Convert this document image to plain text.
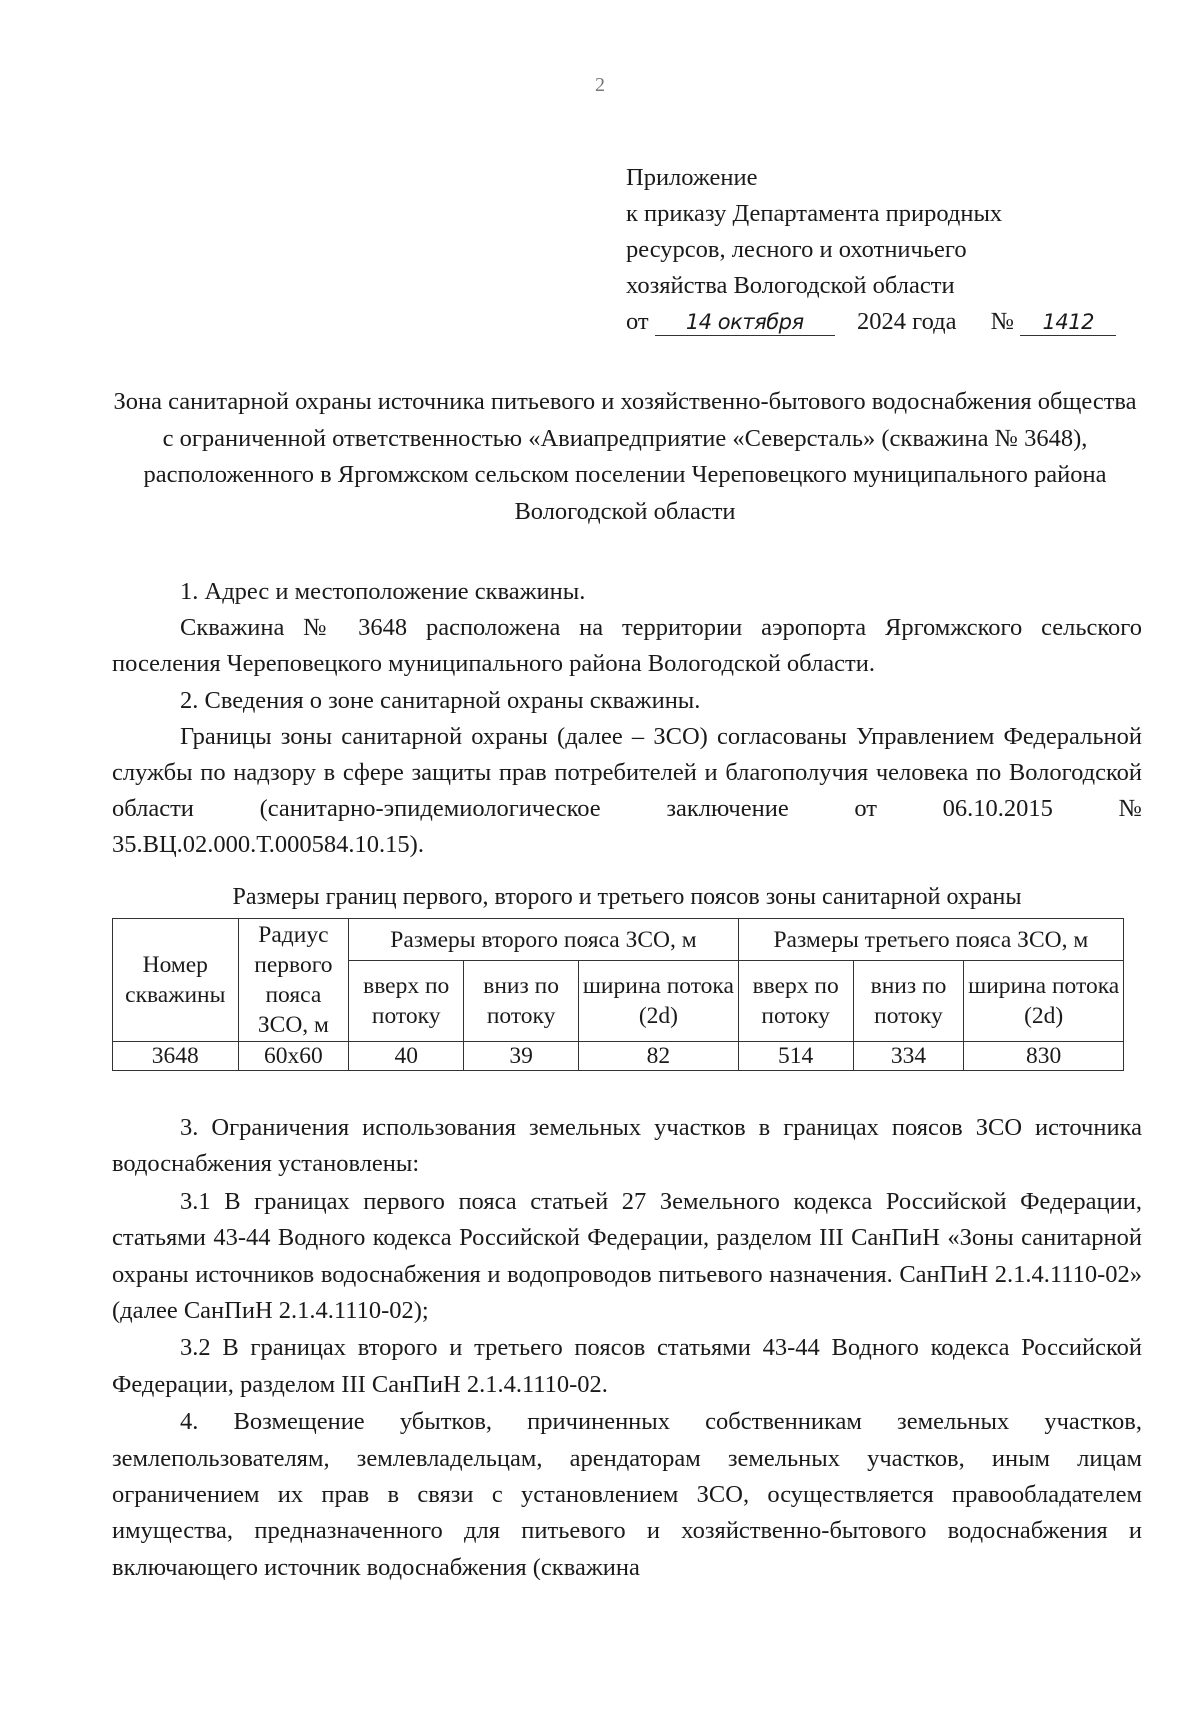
2
Приложение
к приказу Департамента природных
ресурсов, лесного и охотничьего
хозяйства Вологодской области
от 14 октября 2024 года № 1412
Зона санитарной охраны источника питьевого и хозяйственно-бытового водоснабжения общества с ограниченной ответственностью «Авиапредприятие «Северсталь» (скважина № 3648), расположенного в Яргомжском сельском поселении Череповецкого муниципального района Вологодской области

1. Адрес и местоположение скважины.

Скважина № 3648 расположена на территории аэропорта Яргомжского сельского поселения Череповецкого муниципального района Вологодской области.

2. Сведения о зоне санитарной охраны скважины.

Границы зоны санитарной охраны (далее – ЗСО) согласованы Управлением Федеральной службы по надзору в сфере защиты прав потребителей и благополучия человека по Вологодской области (санитарно-эпидемиологическое заключение от 06.10.2015 № 35.ВЦ.02.000.Т.000584.10.15).

Размеры границ первого, второго и третьего поясов зоны санитарной охраны
Номер скважины	Радиус первого пояса ЗСО, м	Размеры второго пояса ЗСО, м			Размеры третьего пояса ЗСО, м		
		вверх по потоку	вниз по потоку	ширина потока (2d)	вверх по потоку	вниз по потоку	ширина потока (2d)
3648	60х60	40	39	82	514	334	830

3. Ограничения использования земельных участков в границах поясов ЗСО источника водоснабжения установлены:

3.1 В границах первого пояса статьей 27 Земельного кодекса Российской Федерации, статьями 43-44 Водного кодекса Российской Федерации, разделом III СанПиН «Зоны санитарной охраны источников водоснабжения и водопроводов питьевого назначения. СанПиН 2.1.4.1110-02» (далее СанПиН 2.1.4.1110-02);

3.2 В границах второго и третьего поясов статьями 43-44 Водного кодекса Российской Федерации, разделом III СанПиН 2.1.4.1110-02.

4. Возмещение убытков, причиненных собственникам земельных участков, землепользователям, землевладельцам, арендаторам земельных участков, иным лицам ограничением их прав в связи с установлением ЗСО, осуществляется правообладателем имущества, предназначенного для питьевого и хозяйственно-бытового водоснабжения и включающего источник водоснабжения (скважина
